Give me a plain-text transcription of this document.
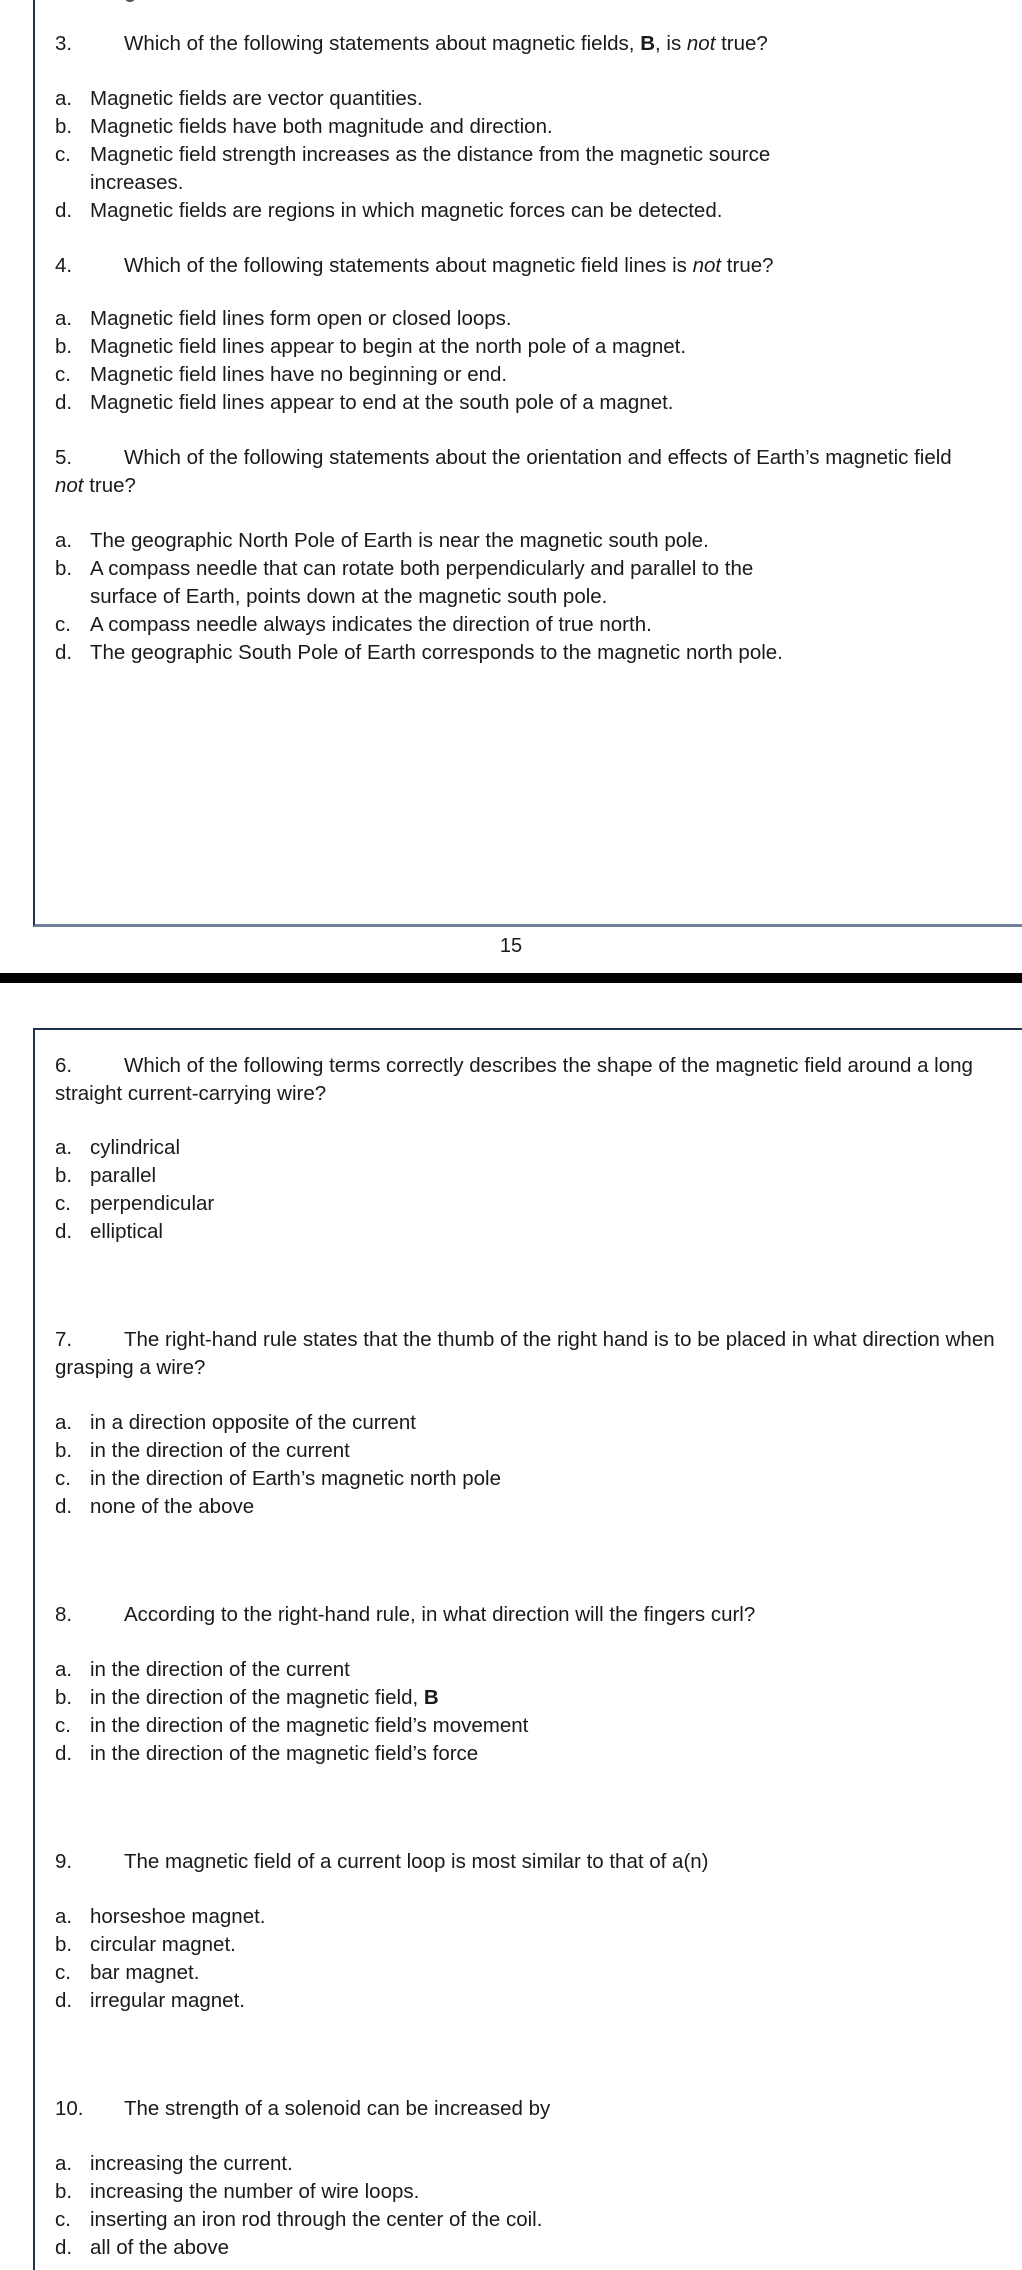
15
3.	Which of the following statements about magnetic fields, B, is not true?
a. Magnetic fields are vector quantities.
b. Magnetic fields have both magnitude and direction.
c. Magnetic field strength increases as the distance from the magnetic source
increases.
d. Magnetic fields are regions in which magnetic forces can be detected.
4.	Which of the following statements about magnetic field lines is not true?
a. Magnetic field lines form open or closed loops.
b. Magnetic field lines appear to begin at the north pole of a magnet.
c. Magnetic field lines have no beginning or end.
d. Magnetic field lines appear to end at the south pole of a magnet.
5.	Which of the following statements about the orientation and effects of Earth’s magnetic field
not true?
a. The geographic North Pole of Earth is near the magnetic south pole.
b. A compass needle that can rotate both perpendicularly and parallel to the
surface of Earth, points down at the magnetic south pole.
c. A compass needle always indicates the direction of true north.
d. The geographic South Pole of Earth corresponds to the magnetic north pole.
6.	Which of the following terms correctly describes the shape of the magnetic field around a long
straight current-carrying wire?
a. cylindrical
b. parallel
c. perpendicular
d. elliptical
7.	The right-hand rule states that the thumb of the right hand is to be placed in what direction when
grasping a wire?
a. in a direction opposite of the current
b. in the direction of the current
c. in the direction of Earth’s magnetic north pole
d. none of the above
8.	According to the right-hand rule, in what direction will the fingers curl?
a. in the direction of the current
b. in the direction of the magnetic field, B
c. in the direction of the magnetic field’s movement
d. in the direction of the magnetic field’s force
9.	The magnetic field of a current loop is most similar to that of a(n)
a. horseshoe magnet.
b. circular magnet.
c. bar magnet.
d. irregular magnet.
10. The strength of a solenoid can be increased by
a. increasing the current.
b. increasing the number of wire loops.
c. inserting an iron rod through the center of the coil.
d. all of the above
